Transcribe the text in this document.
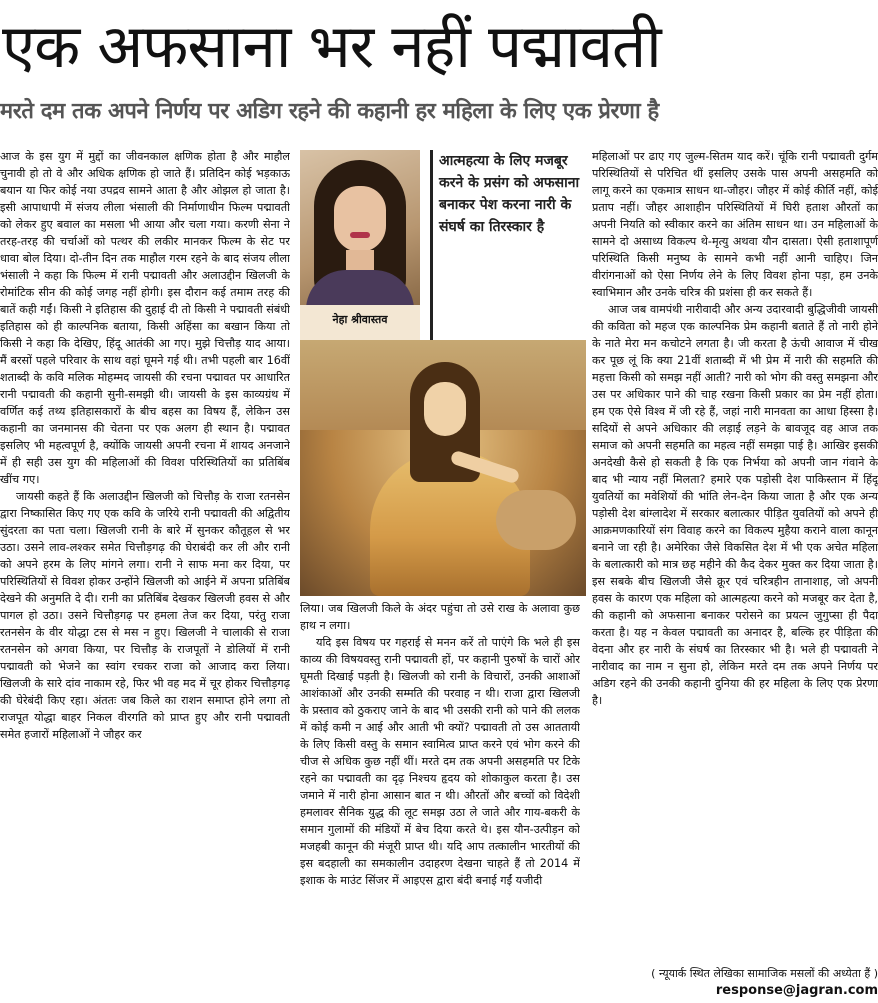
एक अफसाना भर नहीं पद्मावती
मरते दम तक अपने निर्णय पर अडिग रहने की कहानी हर महिला के लिए एक प्रेरणा है

आज के इस युग में मुद्दों का जीवनकाल क्षणिक होता है और माहौल चुनावी हो तो वे और अधिक क्षणिक हो जाते हैं। प्रतिदिन कोई भड़काऊ बयान या फिर कोई नया उपद्रव सामने आता है और ओझल हो जाता है। इसी आपाधापी में संजय लीला भंसाली की निर्माणाधीन फिल्म पद्मावती को लेकर हुए बवाल का मसला भी आया और चला गया। करणी सेना ने तरह-तरह की चर्चाओं को पत्थर की लकीर मानकर फिल्म के सेट पर धावा बोल दिया। दो-तीन दिन तक माहौल गरम रहने के बाद संजय लीला भंसाली ने कहा कि फिल्म में रानी पद्मावती और अलाउद्दीन खिलजी के रोमांटिक सीन की कोई जगह नहीं होगी। इस दौरान कई तमाम तरह की बातें कही गईं। किसी ने इतिहास की दुहाई दी तो किसी ने पद्मावती संबंधी इतिहास को ही काल्पनिक बताया, किसी अहिंसा का बखान किया तो किसी ने कहा कि देखिए, हिंदू आतंकी आ गए। मुझे चित्तौड़ याद आया। मैं बरसों पहले परिवार के साथ वहां घूमने गई थी। तभी पहली बार 16वीं शताब्दी के कवि मलिक मोहम्मद जायसी की रचना पद्मावत पर आधारित रानी पद्मावती की कहानी सुनी-समझी थी। जायसी के इस काव्यग्रंथ में वर्णित कई तथ्य इतिहासकारों के बीच बहस का विषय हैं, लेकिन उस कहानी का जनमानस की चेतना पर एक अलग ही स्थान है। पद्मावत इसलिए भी महत्वपूर्ण है, क्योंकि जायसी अपनी रचना में शायद अनजाने में ही सही उस युग की महिलाओं की विवश परिस्थितियों का प्रतिबिंब खींच गए।

जायसी कहते हैं कि अलाउद्दीन खिलजी को चित्तौड़ के राजा रतनसेन द्वारा निष्कासित किए गए एक कवि के जरिये रानी पद्मावती की अद्वितीय सुंदरता का पता चला। खिलजी रानी के बारे में सुनकर कौतूहल से भर उठा। उसने लाव-लश्कर समेत चित्तौड़गढ़ की घेराबंदी कर ली और रानी को अपने हरम के लिए मांगने लगा। रानी ने साफ मना कर दिया, पर परिस्थितियों से विवश होकर उन्होंने खिलजी को आईने में अपना प्रतिबिंब देखने की अनुमति दे दी। रानी का प्रतिबिंब देखकर खिलजी हवस से और पागल हो उठा। उसने चित्तौड़गढ़ पर हमला तेज कर दिया, परंतु राजा रतनसेन के वीर योद्धा टस से मस न हुए। खिलजी ने चालाकी से राजा रतनसेन को अगवा किया, पर चित्तौड़ के राजपूतों ने डोलियों में रानी पद्मावती को भेजने का स्वांग रचकर राजा को आजाद करा लिया। खिलजी के सारे दांव नाकाम रहे, फिर भी वह मद में चूर होकर चित्तौड़गढ़ की घेरेबंदी किए रहा। अंततः जब किले का राशन समाप्त होने लगा तो राजपूत योद्धा बाहर निकल वीरगति को प्राप्त हुए और रानी पद्मावती समेत हजारों महिलाओं ने जौहर कर

नेहा श्रीवास्तव
आत्महत्या के लिए मजबूर करने के प्रसंग को अफसाना बनाकर पेश करना नारी के संघर्ष का तिरस्कार है

लिया। जब खिलजी किले के अंदर पहुंचा तो उसे राख के अलावा कुछ हाथ न लगा।

यदि इस विषय पर गहराई से मनन करें तो पाएंगे कि भले ही इस काव्य की विषयवस्तु रानी पद्मावती हों, पर कहानी पुरुषों के चारों ओर घूमती दिखाई पड़ती है। खिलजी को रानी के विचारों, उनकी आशाओं आशंकाओं और उनकी सम्मति की परवाह न थी। राजा द्वारा खिलजी के प्रस्ताव को ठुकराए जाने के बाद भी उसकी रानी को पाने की ललक में कोई कमी न आई और आती भी क्यों? पद्मावती तो उस आततायी के लिए किसी वस्तु के समान स्वामित्व प्राप्त करने एवं भोग करने की चीज से अधिक कुछ नहीं थीं। मरते दम तक अपनी असहमति पर टिके रहने का पद्मावती का दृढ़ निश्चय हृदय को शोकाकुल करता है। उस जमाने में नारी होना आसान बात न थी। औरतों और बच्चों को विदेशी हमलावर सैनिक युद्ध की लूट समझ उठा ले जाते और गाय-बकरी के समान गुलामों की मंडियों में बेच दिया करते थे। इस यौन-उत्पीड़न को मजहबी कानून की मंजूरी प्राप्त थी। यदि आप तत्कालीन भारतीयों की इस बदहाली का समकालीन उदाहरण देखना चाहते हैं तो 2014 में इशाक के माउंट सिंजर में आइएस द्वारा बंदी बनाई गईं यजीदी

महिलाओं पर ढाए गए जुल्म-सितम याद करें। चूंकि रानी पद्मावती दुर्गम परिस्थितियों से परिचित थीं इसलिए उसके पास अपनी असहमति को लागू करने का एकमात्र साधन था-जौहर। जौहर में कोई कीर्ति नहीं, कोई प्रताप नहीं। जौहर आशाहीन परिस्थितियों में घिरी हताश औरतों का अपनी नियति को स्वीकार करने का अंतिम साधन था। उन महिलाओं के सामने दो असाध्य विकल्प थे-मृत्यु अथवा यौन दासता। ऐसी हताशापूर्ण परिस्थिति किसी मनुष्य के सामने कभी नहीं आनी चाहिए। जिन वीरांगनाओं को ऐसा निर्णय लेने के लिए विवश होना पड़ा, हम उनके स्वाभिमान और उनके चरित्र की प्रशंसा ही कर सकते हैं।

आज जब वामपंथी नारीवादी और अन्य उदारवादी बुद्धिजीवी जायसी की कविता को महज एक काल्पनिक प्रेम कहानी बताते हैं तो नारी होने के नाते मेरा मन कचोटने लगता है। जी करता है ऊंची आवाज में चीख कर पूछ लूं कि क्या 21वीं शताब्दी में भी प्रेम में नारी की सहमति की महत्ता किसी को समझ नहीं आती? नारी को भोग की वस्तु समझना और उस पर अधिकार पाने की चाह रखना किसी प्रकार का प्रेम नहीं होता। हम एक ऐसे विश्व में जी रहे हैं, जहां नारी मानवता का आधा हिस्सा है। सदियों से अपने अधिकार की लड़ाई लड़ने के बावजूद वह आज तक समाज को अपनी सहमति का महत्व नहीं समझा पाई है। आखिर इसकी अनदेखी कैसे हो सकती है कि एक निर्भया को अपनी जान गंवाने के बाद भी न्याय नहीं मिलता? हमारे एक पड़ोसी देश पाकिस्तान में हिंदू युवतियों का मवेशियों की भांति लेन-देन किया जाता है और एक अन्य पड़ोसी देश बांग्लादेश में सरकार बलात्कार पीड़ित युवतियों को अपने ही आक्रमणकारियों संग विवाह करने का विकल्प मुहैया कराने वाला कानून बनाने जा रही है। अमेरिका जैसे विकसित देश में भी एक अचेत महिला के बलात्कारी को मात्र छह महीने की कैद देकर मुक्त कर दिया जाता है। इस सबके बीच खिलजी जैसे क्रूर एवं चरित्रहीन तानाशाह, जो अपनी हवस के कारण एक महिला को आत्महत्या करने को मजबूर कर देता है, की कहानी को अफसाना बनाकर परोसने का प्रयत्न जुगुप्सा ही पैदा करता है। यह न केवल पद्मावती का अनादर है, बल्कि हर पीड़िता की वेदना और हर नारी के संघर्ष का तिरस्कार भी है। भले ही पद्मावती ने नारीवाद का नाम न सुना हो, लेकिन मरते दम तक अपने निर्णय पर अडिग रहने की उनकी कहानी दुनिया की हर महिला के लिए एक प्रेरणा है।

( न्यूयार्क स्थित लेखिका सामाजिक मसलों की अध्येता हैं )
response@jagran.com
